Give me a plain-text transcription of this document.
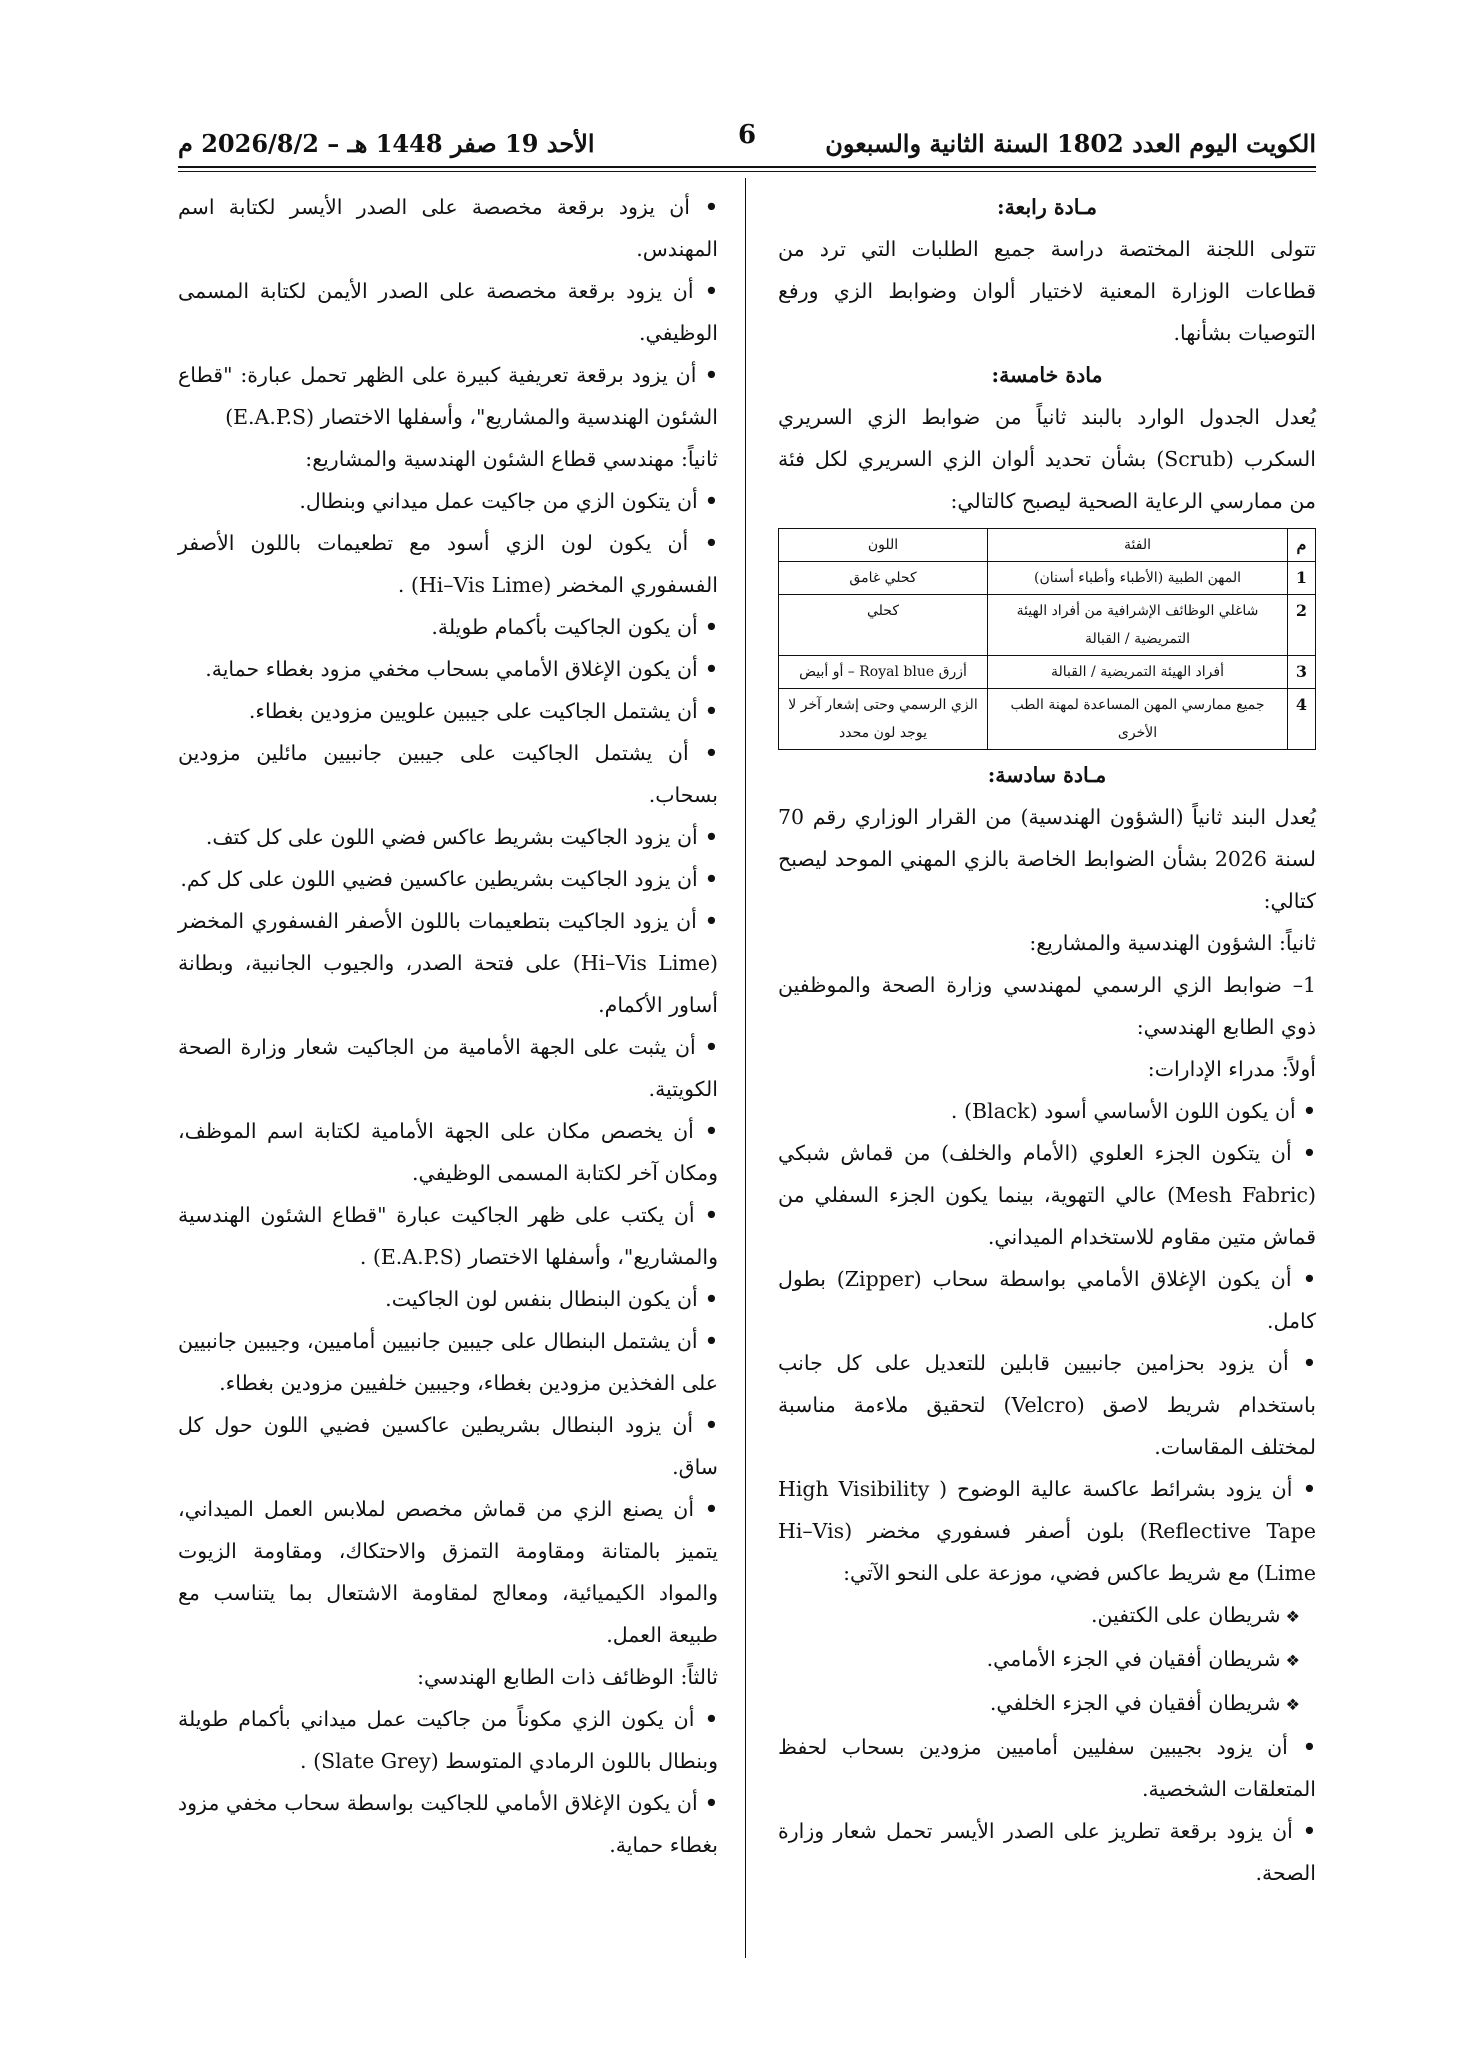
الكويت اليوم العدد 1802 السنة الثانية والسبعون
6
الأحد 19 صفر 1448 هـ – 2026/8/2 م
مـادة رابعة:
تتولى اللجنة المختصة دراسة جميع الطلبات التي ترد من قطاعات الوزارة المعنية لاختيار ألوان وضوابط الزي ورفع التوصيات بشأنها.
مادة خامسة:
يُعدل الجدول الوارد بالبند ثانياً من ضوابط الزي السريري السكرب (Scrub) بشأن تحديد ألوان الزي السريري لكل فئة من ممارسي الرعاية الصحية ليصبح كالتالي:
م	الفئة	اللون
1	المهن الطبية (الأطباء وأطباء أسنان)	كحلي غامق
2	شاغلي الوظائف الإشرافية من أفراد الهيئة التمريضية / القبالة	كحلي
3	أفراد الهيئة التمريضية / القبالة	أزرق Royal blue – أو أبيض
4	جميع ممارسي المهن المساعدة لمهنة الطب الأخرى	الزي الرسمي وحتى إشعار آخر لا يوجد لون محدد
مـادة سادسة:
يُعدل البند ثانياً (الشؤون الهندسية) من القرار الوزاري رقم 70 لسنة 2026 بشأن الضوابط الخاصة بالزي المهني الموحد ليصبح كتالي:
ثانياً: الشؤون الهندسية والمشاريع:
1– ضوابط الزي الرسمي لمهندسي وزارة الصحة والموظفين ذوي الطابع الهندسي:
أولاً: مدراء الإدارات:
• أن يكون اللون الأساسي أسود (Black) .
• أن يتكون الجزء العلوي (الأمام والخلف) من قماش شبكي (Mesh Fabric) عالي التهوية، بينما يكون الجزء السفلي من قماش متين مقاوم للاستخدام الميداني.
• أن يكون الإغلاق الأمامي بواسطة سحاب (Zipper) بطول كامل.
• أن يزود بحزامين جانبيين قابلين للتعديل على كل جانب باستخدام شريط لاصق (Velcro) لتحقيق ملاءمة مناسبة لمختلف المقاسات.
• أن يزود بشرائط عاكسة عالية الوضوح ( High Visibility Reflective Tape) بلون أصفر فسفوري مخضر (Hi–Vis Lime) مع شريط عاكس فضي، موزعة على النحو الآتي:
❖ شريطان على الكتفين.
❖ شريطان أفقيان في الجزء الأمامي.
❖ شريطان أفقيان في الجزء الخلفي.
• أن يزود بجيبين سفليين أماميين مزودين بسحاب لحفظ المتعلقات الشخصية.
• أن يزود برقعة تطريز على الصدر الأيسر تحمل شعار وزارة الصحة.
• أن يزود برقعة مخصصة على الصدر الأيسر لكتابة اسم المهندس.
• أن يزود برقعة مخصصة على الصدر الأيمن لكتابة المسمى الوظيفي.
• أن يزود برقعة تعريفية كبيرة على الظهر تحمل عبارة: "قطاع الشئون الهندسية والمشاريع"، وأسفلها الاختصار (E.A.P.S)
ثانياً: مهندسي قطاع الشئون الهندسية والمشاريع:
• أن يتكون الزي من جاكيت عمل ميداني وبنطال.
• أن يكون لون الزي أسود مع تطعيمات باللون الأصفر الفسفوري المخضر (Hi–Vis Lime) .
• أن يكون الجاكيت بأكمام طويلة.
• أن يكون الإغلاق الأمامي بسحاب مخفي مزود بغطاء حماية.
• أن يشتمل الجاكيت على جيبين علويين مزودين بغطاء.
• أن يشتمل الجاكيت على جيبين جانبيين مائلين مزودين بسحاب.
• أن يزود الجاكيت بشريط عاكس فضي اللون على كل كتف.
• أن يزود الجاكيت بشريطين عاكسين فضيي اللون على كل كم.
• أن يزود الجاكيت بتطعيمات باللون الأصفر الفسفوري المخضر (Hi–Vis Lime) على فتحة الصدر، والجيوب الجانبية، وبطانة أساور الأكمام.
• أن يثبت على الجهة الأمامية من الجاكيت شعار وزارة الصحة الكويتية.
• أن يخصص مكان على الجهة الأمامية لكتابة اسم الموظف، ومكان آخر لكتابة المسمى الوظيفي.
• أن يكتب على ظهر الجاكيت عبارة "قطاع الشئون الهندسية والمشاريع"، وأسفلها الاختصار (E.A.P.S) .
• أن يكون البنطال بنفس لون الجاكيت.
• أن يشتمل البنطال على جيبين جانبيين أماميين، وجيبين جانبيين على الفخذين مزودين بغطاء، وجيبين خلفيين مزودين بغطاء.
• أن يزود البنطال بشريطين عاكسين فضيي اللون حول كل ساق.
• أن يصنع الزي من قماش مخصص لملابس العمل الميداني، يتميز بالمتانة ومقاومة التمزق والاحتكاك، ومقاومة الزيوت والمواد الكيميائية، ومعالج لمقاومة الاشتعال بما يتناسب مع طبيعة العمل.
ثالثاً: الوظائف ذات الطابع الهندسي:
• أن يكون الزي مكوناً من جاكيت عمل ميداني بأكمام طويلة وبنطال باللون الرمادي المتوسط (Slate Grey) .
• أن يكون الإغلاق الأمامي للجاكيت بواسطة سحاب مخفي مزود بغطاء حماية.
